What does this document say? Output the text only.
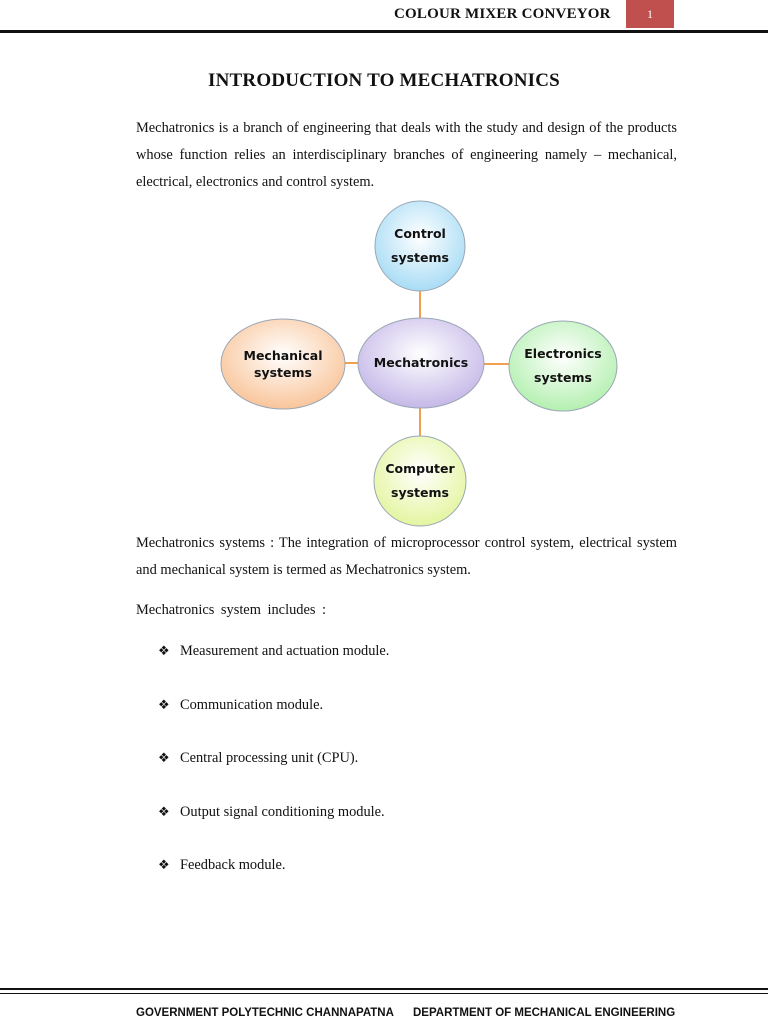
COLOUR MIXER CONVEYOR	1
INTRODUCTION TO MECHATRONICS
Mechatronics is a branch of engineering that deals with the study and design of the products whose function relies an interdisciplinary branches of engineering namely – mechanical, electrical, electronics and control system.
Control
systems
Mechanical
systems
Mechatronics
Electronics
systems
Computer
systems
Mechatronics systems : The integration of microprocessor control system, electrical system and mechanical system is termed as Mechatronics system.
Mechatronics system includes :
❖ Measurement and actuation module.
❖ Communication module.
❖ Central processing unit (CPU).
❖ Output signal conditioning module.
❖ Feedback module.
GOVERNMENT POLYTECHNIC CHANNAPATNA DEPARTMENT OF MECHANICAL ENGINEERING
